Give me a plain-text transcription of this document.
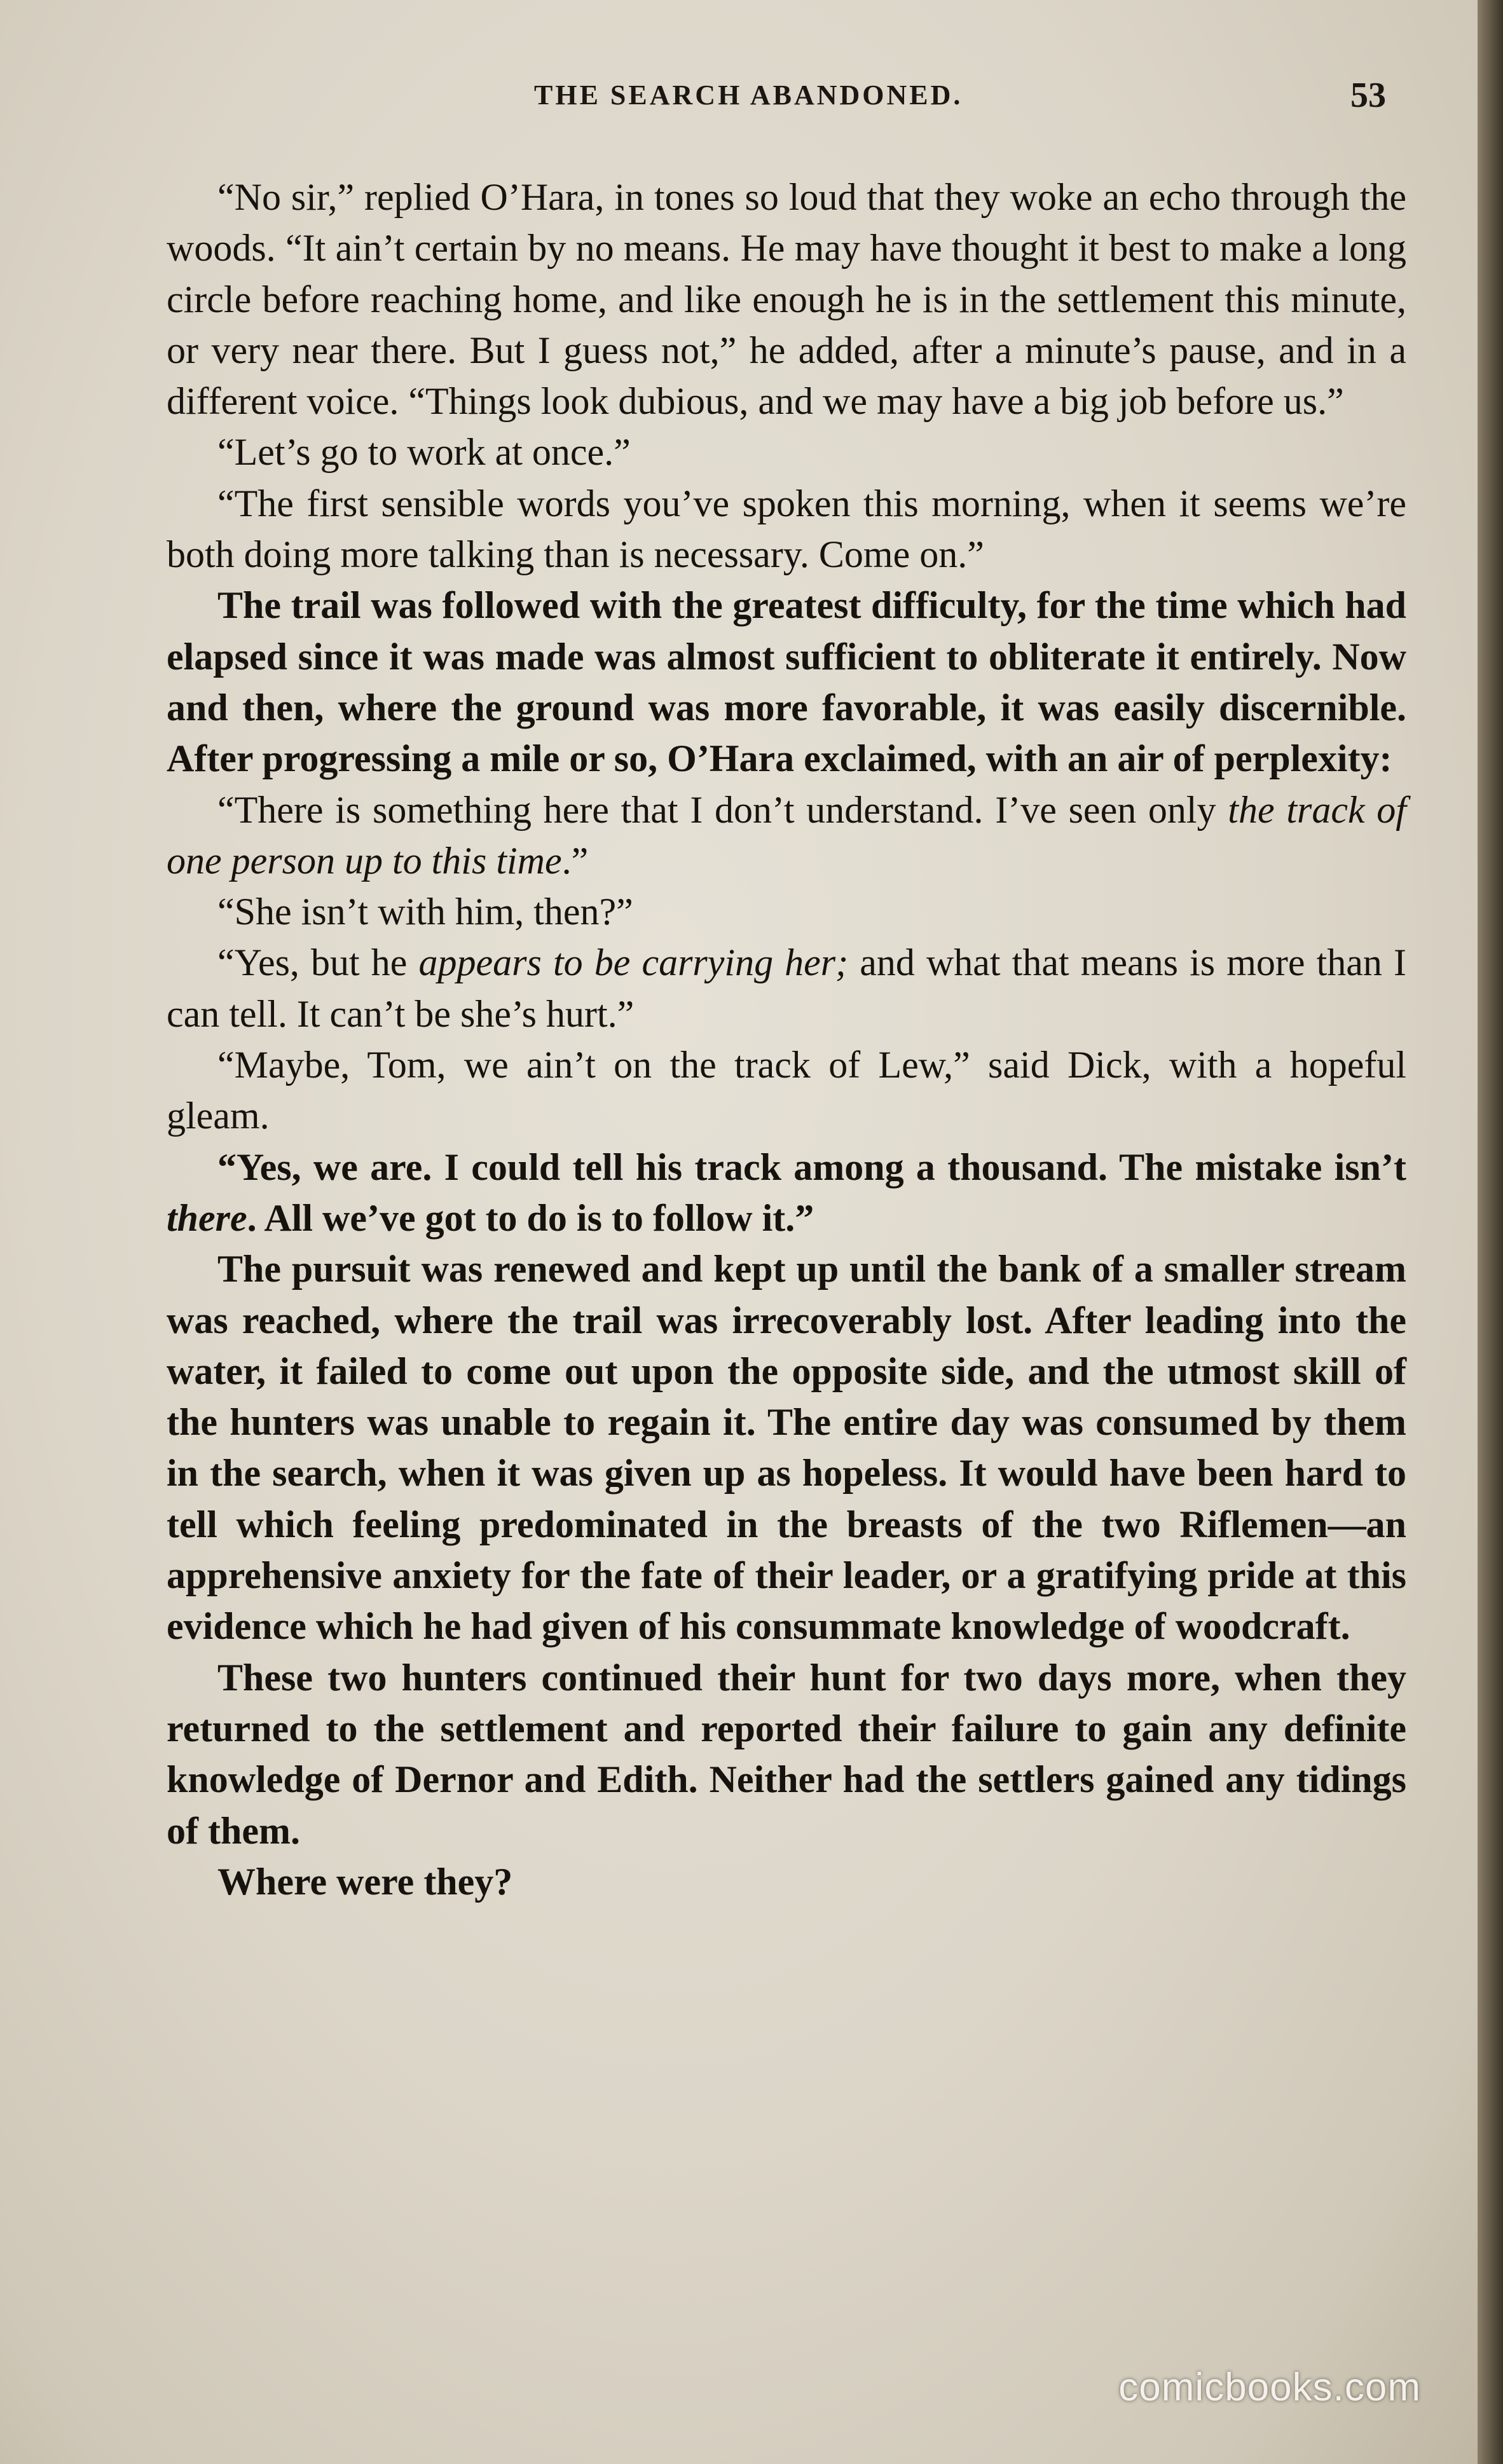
THE SEARCH ABANDONED.	53

“No sir,” replied O’Hara, in tones so loud that they woke an echo through the woods. “It ain’t certain by no means. He may have thought it best to make a long circle before reaching home, and like enough he is in the settlement this minute, or very near there. But I guess not,” he added, after a minute’s pause, and in a different voice. “Things look dubious, and we may have a big job before us.”

“Let’s go to work at once.”

“The first sensible words you’ve spoken this morning, when it seems we’re both doing more talking than is necessary. Come on.”

The trail was followed with the greatest difficulty, for the time which had elapsed since it was made was almost sufficient to obliterate it entirely. Now and then, where the ground was more favorable, it was easily discernible. After progressing a mile or so, O’Hara exclaimed, with an air of perplexity:

“There is something here that I don’t understand. I’ve seen only the track of one person up to this time.”

“She isn’t with him, then?”

“Yes, but he appears to be carrying her; and what that means is more than I can tell. It can’t be she’s hurt.”

“Maybe, Tom, we ain’t on the track of Lew,” said Dick, with a hopeful gleam.

“Yes, we are. I could tell his track among a thousand. The mistake isn’t there. All we’ve got to do is to follow it.”

The pursuit was renewed and kept up until the bank of a smaller stream was reached, where the trail was irrecoverably lost. After leading into the water, it failed to come out upon the opposite side, and the utmost skill of the hunters was unable to regain it. The entire day was consumed by them in the search, when it was given up as hopeless. It would have been hard to tell which feeling predominated in the breasts of the two Riflemen—an apprehensive anxiety for the fate of their leader, or a gratifying pride at this evidence which he had given of his consummate knowledge of woodcraft.

These two hunters continued their hunt for two days more, when they returned to the settlement and reported their failure to gain any definite knowledge of Dernor and Edith. Neither had the settlers gained any tidings of them.

Where were they?

comicbooks.com
